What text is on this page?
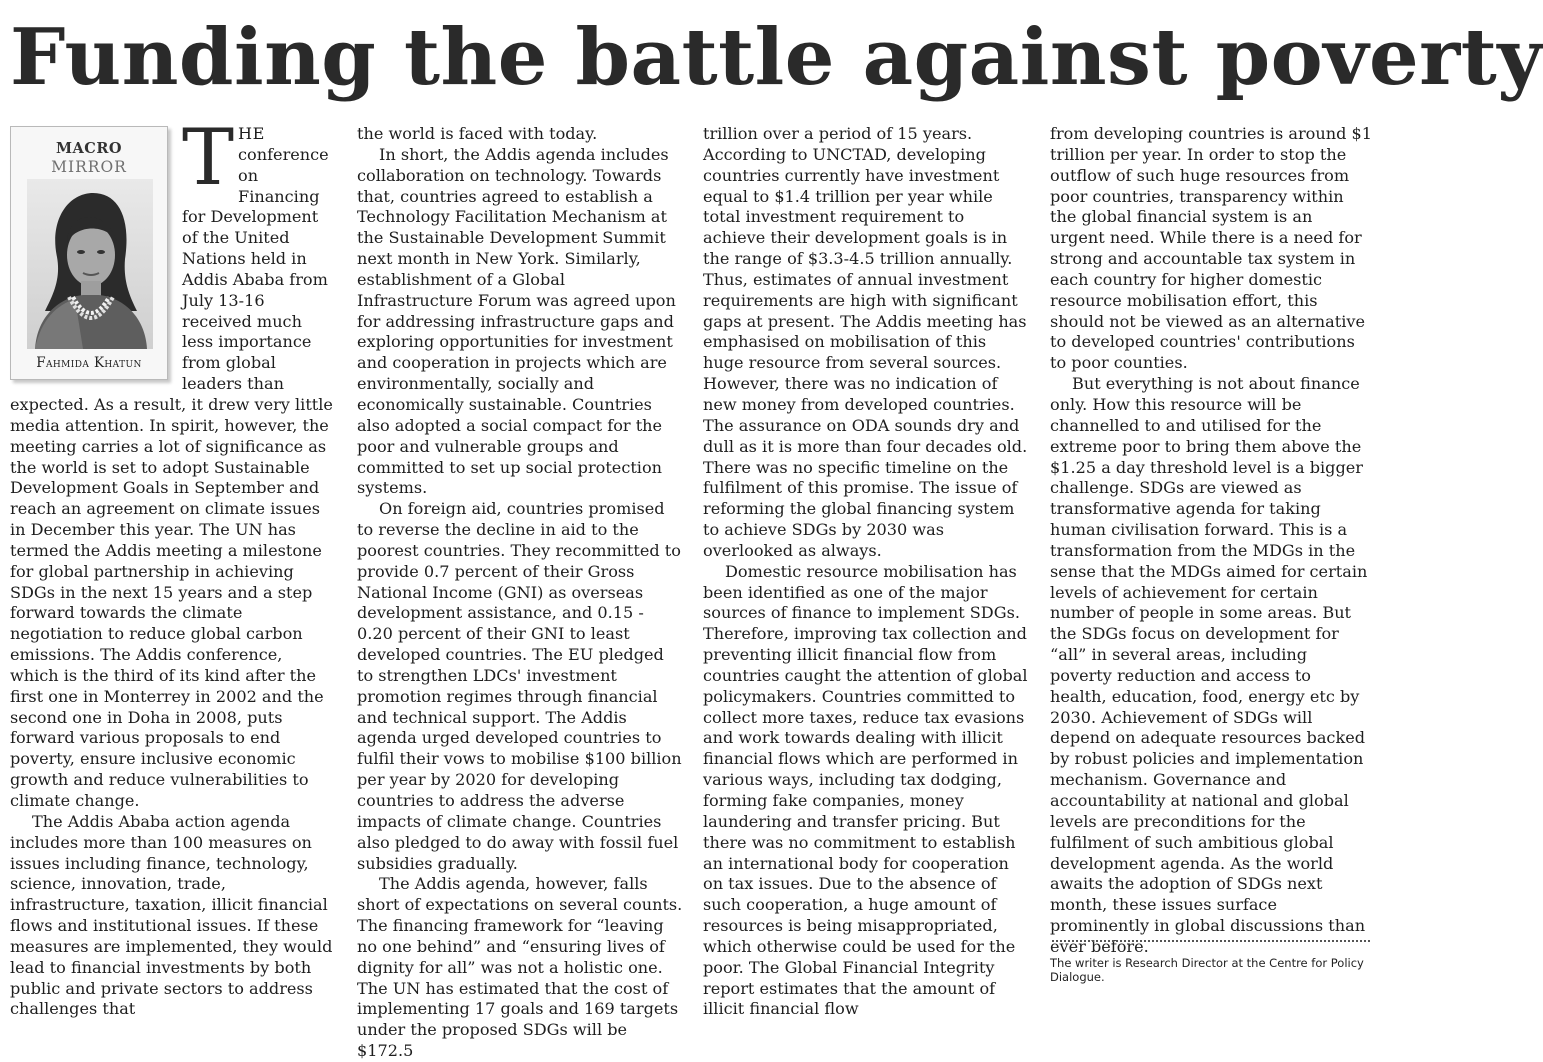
Funding the battle against poverty
MACRO
MIRROR
Fahmida Khatun

THE conference on Financing for Development of the United Nations held in Addis Ababa from July 13-16 received much less importance from global leaders than expected. As a result, it drew very little media attention. In spirit, however, the meeting carries a lot of significance as the world is set to adopt Sustainable Development Goals in September and reach an agreement on climate issues in December this year. The UN has termed the Addis meeting a milestone for global partnership in achieving SDGs in the next 15 years and a step forward towards the climate negotiation to reduce global carbon emissions. The Addis conference, which is the third of its kind after the first one in Monterrey in 2002 and the second one in Doha in 2008, puts forward various proposals to end poverty, ensure inclusive economic growth and reduce vulnerabilities to climate change.

The Addis Ababa action agenda includes more than 100 measures on issues including finance, technology, science, innovation, trade, infrastructure, taxation, illicit financial flows and institutional issues. If these measures are implemented, they would lead to financial investments by both public and private sectors to address challenges that

the world is faced with today.

In short, the Addis agenda includes collaboration on technology. Towards that, countries agreed to establish a Technology Facilitation Mechanism at the Sustainable Development Summit next month in New York. Similarly, establishment of a Global Infrastructure Forum was agreed upon for addressing infrastructure gaps and exploring opportunities for investment and cooperation in projects which are environmentally, socially and economically sustainable. Countries also adopted a social compact for the poor and vulnerable groups and committed to set up social protection systems.

On foreign aid, countries promised to reverse the decline in aid to the poorest countries. They recommitted to provide 0.7 percent of their Gross National Income (GNI) as overseas development assistance, and 0.15 - 0.20 percent of their GNI to least developed countries. The EU pledged to strengthen LDCs' investment promotion regimes through financial and technical support. The Addis agenda urged developed countries to fulfil their vows to mobilise $100 billion per year by 2020 for developing countries to address the adverse impacts of climate change. Countries also pledged to do away with fossil fuel subsidies gradually.

The Addis agenda, however, falls short of expectations on several counts. The financing framework for “leaving no one behind” and “ensuring lives of dignity for all” was not a holistic one. The UN has estimated that the cost of implementing 17 goals and 169 targets under the proposed SDGs will be $172.5

trillion over a period of 15 years. According to UNCTAD, developing countries currently have investment equal to $1.4 trillion per year while total investment requirement to achieve their development goals is in the range of $3.3-4.5 trillion annually. Thus, estimates of annual investment requirements are high with significant gaps at present. The Addis meeting has emphasised on mobilisation of this huge resource from several sources. However, there was no indication of new money from developed countries. The assurance on ODA sounds dry and dull as it is more than four decades old. There was no specific timeline on the fulfilment of this promise. The issue of reforming the global financing system to achieve SDGs by 2030 was overlooked as always.

Domestic resource mobilisation has been identified as one of the major sources of finance to implement SDGs. Therefore, improving tax collection and preventing illicit financial flow from countries caught the attention of global policymakers. Countries committed to collect more taxes, reduce tax evasions and work towards dealing with illicit financial flows which are performed in various ways, including tax dodging, forming fake companies, money laundering and transfer pricing. But there was no commitment to establish an international body for cooperation on tax issues. Due to the absence of such cooperation, a huge amount of resources is being misappropriated, which otherwise could be used for the poor. The Global Financial Integrity report estimates that the amount of illicit financial flow

from developing countries is around $1 trillion per year. In order to stop the outflow of such huge resources from poor countries, transparency within the global financial system is an urgent need. While there is a need for strong and accountable tax system in each country for higher domestic resource mobilisation effort, this should not be viewed as an alternative to developed countries' contributions to poor counties.

But everything is not about finance only. How this resource will be channelled to and utilised for the extreme poor to bring them above the $1.25 a day threshold level is a bigger challenge. SDGs are viewed as transformative agenda for taking human civilisation forward. This is a transformation from the MDGs in the sense that the MDGs aimed for certain levels of achievement for certain number of people in some areas. But the SDGs focus on development for “all” in several areas, including poverty reduction and access to health, education, food, energy etc by 2030. Achievement of SDGs will depend on adequate resources backed by robust policies and implementation mechanism. Governance and accountability at national and global levels are preconditions for the fulfilment of such ambitious global development agenda. As the world awaits the adoption of SDGs next month, these issues surface prominently in global discussions than ever before.

The writer is Research Director at the Centre for Policy Dialogue.
